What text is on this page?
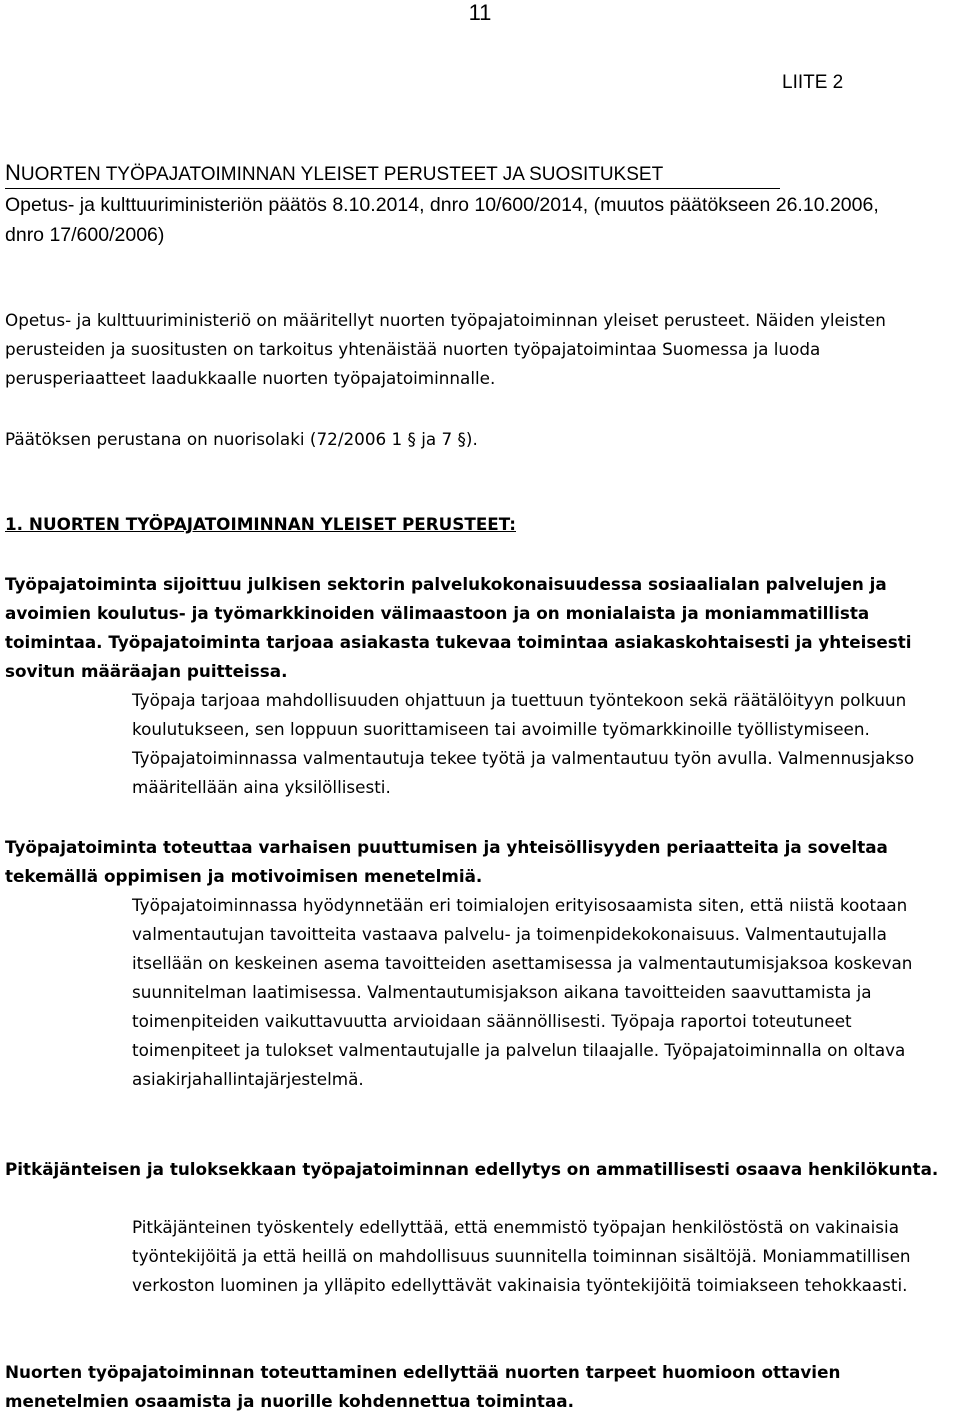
11
LIITE 2
NUORTEN TYÖPAJATOIMINNAN YLEISET PERUSTEET JA SUOSITUKSET

Opetus- ja kulttuuriministeriön päätös 8.10.2014, dnro 10/600/2014, (muutos päätökseen 26.10.2006, dnro 17/600/2006)

Opetus- ja kulttuuriministeriö on määritellyt nuorten työpajatoiminnan yleiset perusteet. Näiden yleisten perusteiden ja suositusten on tarkoitus yhtenäistää nuorten työpajatoimintaa Suomessa ja luoda perusperiaatteet laadukkaalle nuorten työpajatoiminnalle.

Päätöksen perustana on nuorisolaki (72/2006 1 § ja 7 §).

1. NUORTEN TYÖPAJATOIMINNAN YLEISET PERUSTEET:

Työpajatoiminta sijoittuu julkisen sektorin palvelukokonaisuudessa sosiaalialan palvelujen ja avoimien koulutus- ja työmarkkinoiden välimaastoon ja on monialaista ja moniammatillista toimintaa. Työpajatoiminta tarjoaa asiakasta tukevaa toimintaa asiakaskohtaisesti ja yhteisesti sovitun määräajan puitteissa.

Työpaja tarjoaa mahdollisuuden ohjattuun ja tuettuun työntekoon sekä räätälöityyn polkuun koulutukseen, sen loppuun suorittamiseen tai avoimille työmarkkinoille työllistymiseen. Työpajatoiminnassa valmentautuja tekee työtä ja valmentautuu työn avulla. Valmennusjakso määritellään aina yksilöllisesti.

Työpajatoiminta toteuttaa varhaisen puuttumisen ja yhteisöllisyyden periaatteita ja soveltaa tekemällä oppimisen ja motivoimisen menetelmiä.

Työpajatoiminnassa hyödynnetään eri toimialojen erityisosaamista siten, että niistä kootaan valmentautujan tavoitteita vastaava palvelu- ja toimenpidekokonaisuus. Valmentautujalla itsellään on keskeinen asema tavoitteiden asettamisessa ja valmentautumisjaksoa koskevan suunnitelman laatimisessa. Valmentautumisjakson aikana tavoitteiden saavuttamista ja toimenpiteiden vaikuttavuutta arvioidaan säännöllisesti. Työpaja raportoi toteutuneet toimenpiteet ja tulokset valmentautujalle ja palvelun tilaajalle. Työpajatoiminnalla on oltava asiakirjahallintajärjestelmä.

Pitkäjänteisen ja tuloksekkaan työpajatoiminnan edellytys on ammatillisesti osaava henkilökunta.

Pitkäjänteinen työskentely edellyttää, että enemmistö työpajan henkilöstöstä on vakinaisia työntekijöitä ja että heillä on mahdollisuus suunnitella toiminnan sisältöjä. Moniammatillisen verkoston luominen ja ylläpito edellyttävät vakinaisia työntekijöitä toimiakseen tehokkaasti.

Nuorten työpajatoiminnan toteuttaminen edellyttää nuorten tarpeet huomioon ottavien menetelmien osaamista ja nuorille kohdennettua toimintaa.
